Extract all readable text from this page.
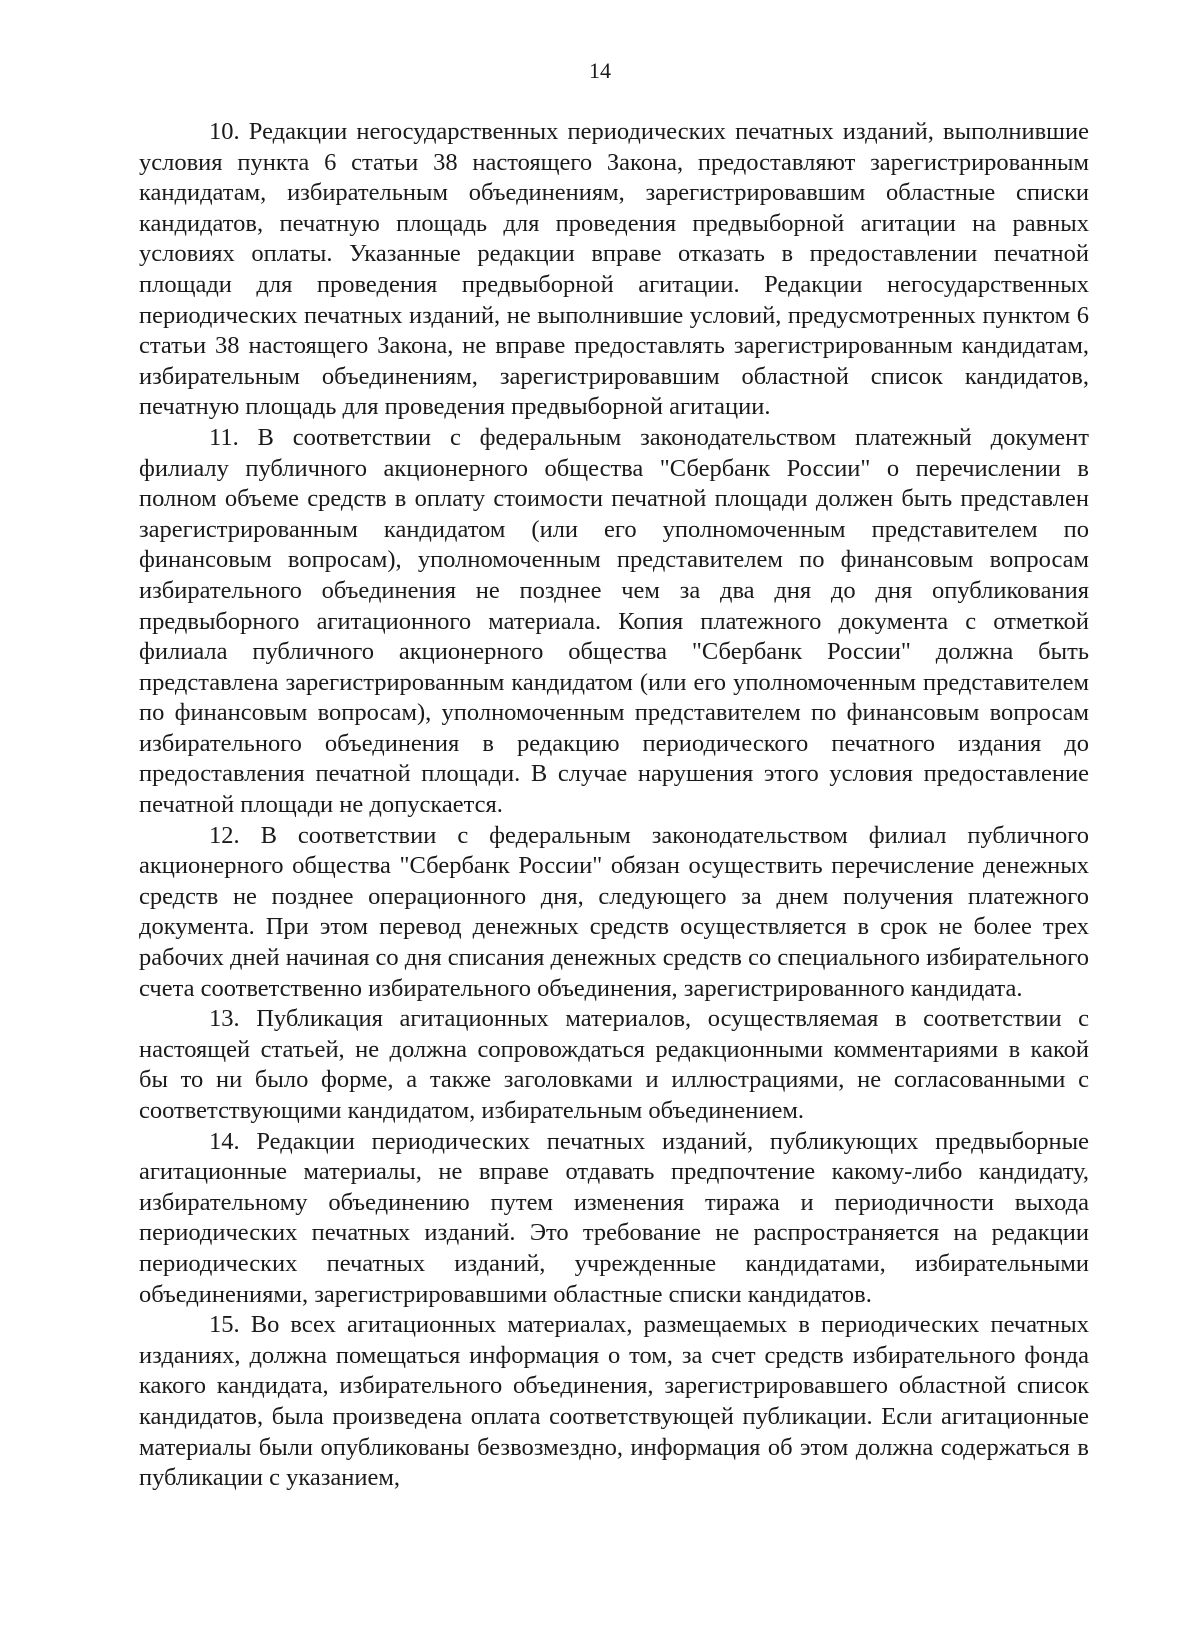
14

10. Редакции негосударственных периодических печатных изданий, выполнившие условия пункта 6 статьи 38 настоящего Закона, предоставляют зарегистрированным кандидатам, избирательным объединениям, зарегистрировавшим областные списки кандидатов, печатную площадь для проведения предвыборной агитации на равных условиях оплаты. Указанные редакции вправе отказать в предоставлении печатной площади для проведения предвыборной агитации. Редакции негосударственных периодических печатных изданий, не выполнившие условий, предусмотренных пунктом 6 статьи 38 настоящего Закона, не вправе предоставлять зарегистрированным кандидатам, избирательным объединениям, зарегистрировавшим областной список кандидатов, печатную площадь для проведения предвыборной агитации.

11. В соответствии с федеральным законодательством платежный документ филиалу публичного акционерного общества "Сбербанк России" о перечислении в полном объеме средств в оплату стоимости печатной площади должен быть представлен зарегистрированным кандидатом (или его уполномоченным представителем по финансовым вопросам), уполномоченным представителем по финансовым вопросам избирательного объединения не позднее чем за два дня до дня опубликования предвыборного агитационного материала. Копия платежного документа с отметкой филиала публичного акционерного общества "Сбербанк России" должна быть представлена зарегистрированным кандидатом (или его уполномоченным представителем по финансовым вопросам), уполномоченным представителем по финансовым вопросам избирательного объединения в редакцию периодического печатного издания до предоставления печатной площади. В случае нарушения этого условия предоставление печатной площади не допускается.

12. В соответствии с федеральным законодательством филиал публичного акционерного общества "Сбербанк России" обязан осуществить перечисление денежных средств не позднее операционного дня, следующего за днем получения платежного документа. При этом перевод денежных средств осуществляется в срок не более трех рабочих дней начиная со дня списания денежных средств со специального избирательного счета соответственно избирательного объединения, зарегистрированного кандидата.

13. Публикация агитационных материалов, осуществляемая в соответствии с настоящей статьей, не должна сопровождаться редакционными комментариями в какой бы то ни было форме, а также заголовками и иллюстрациями, не согласованными с соответствующими кандидатом, избирательным объединением.

14. Редакции периодических печатных изданий, публикующих предвыборные агитационные материалы, не вправе отдавать предпочтение какому-либо кандидату, избирательному объединению путем изменения тиража и периодичности выхода периодических печатных изданий. Это требование не распространяется на редакции периодических печатных изданий, учрежденные кандидатами, избирательными объединениями, зарегистрировавшими областные списки кандидатов.

15. Во всех агитационных материалах, размещаемых в периодических печатных изданиях, должна помещаться информация о том, за счет средств избирательного фонда какого кандидата, избирательного объединения, зарегистрировавшего областной список кандидатов, была произведена оплата соответствующей публикации. Если агитационные материалы были опубликованы безвозмездно, информация об этом должна содержаться в публикации с указанием,
